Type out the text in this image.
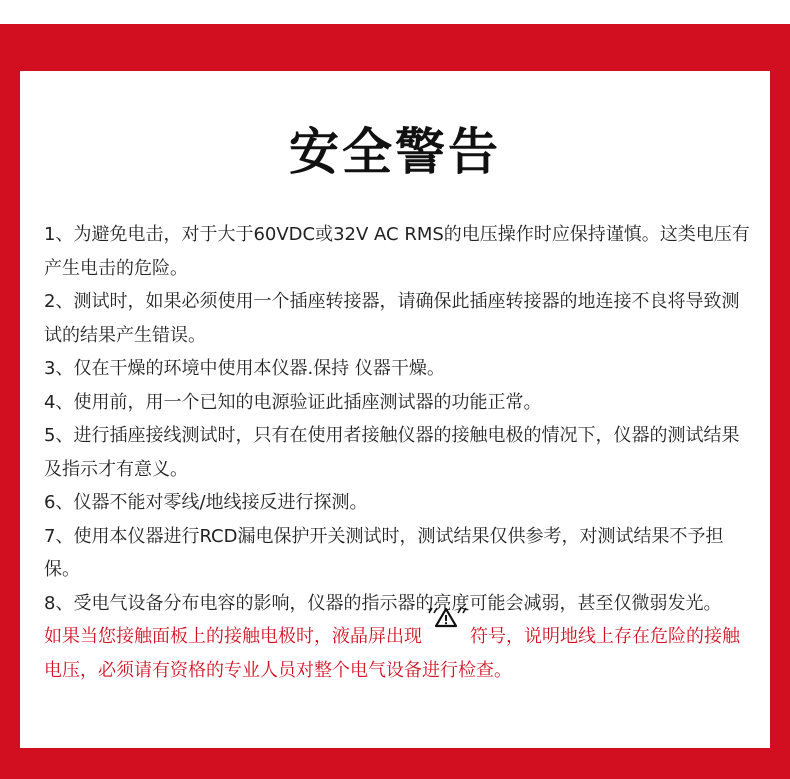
安全警告

1、为避免电击，对于大于60VDC或32V AC RMS的电压操作时应保持谨慎。这类电压有产生电击的危险。

2、测试时，如果必须使用一个插座转接器，请确保此插座转接器的地连接不良将导致测试的结果产生错误。

3、仅在干燥的环境中使用本仪器.保持 仪器干燥。

4、使用前，用一个已知的电源验证此插座测试器的功能正常。

5、进行插座接线测试时，只有在使用者接触仪器的接触电极的情况下，仪器的测试结果及指示才有意义。

6、仪器不能对零线/地线接反进行探测。

7、使用本仪器进行RCD漏电保护开关测试时，测试结果仅供参考，对测试结果不予担保。

8、受电气设备分布电容的影响，仪器的指示器的亮度可能会减弱，甚至仅微弱发光。

如果当您接触面板上的接触电极时，液晶屏出现	符号，说明地线上存在危险的接触电压，必须请有资格的专业人员对整个电气设备进行检查。
